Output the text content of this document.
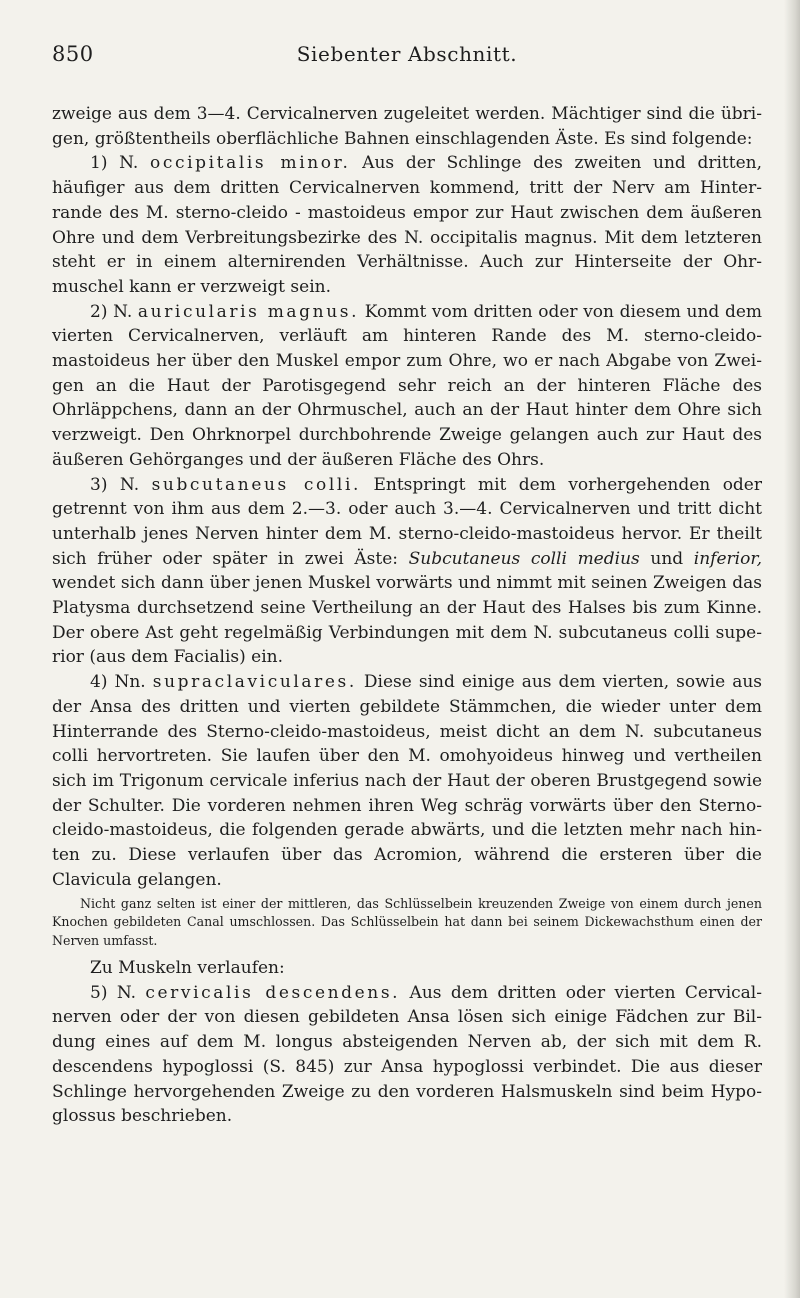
850	Siebenter Abschnitt.

zweige aus dem 3—4. Cervicalnerven zugeleitet werden. Mächtiger sind die übrigen, größtentheils oberflächliche Bahnen einschlagenden Äste. Es sind folgende:

1) N. occipitalis minor. Aus der Schlinge des zweiten und dritten, häufiger aus dem dritten Cervicalnerven kommend, tritt der Nerv am Hinterrande des M. sterno-cleido - mastoideus empor zur Haut zwischen dem äußeren Ohre und dem Verbreitungsbezirke des N. occipitalis magnus. Mit dem letzteren steht er in einem alternirenden Verhältnisse. Auch zur Hinterseite der Ohrmuschel kann er verzweigt sein.

2) N. auricularis magnus. Kommt vom dritten oder von diesem und dem vierten Cervicalnerven, verläuft am hinteren Rande des M. sterno-cleido-mastoideus her über den Muskel empor zum Ohre, wo er nach Abgabe von Zweigen an die Haut der Parotisgegend sehr reich an der hinteren Fläche des Ohrläppchens, dann an der Ohrmuschel, auch an der Haut hinter dem Ohre sich verzweigt. Den Ohrknorpel durchbohrende Zweige gelangen auch zur Haut des äußeren Gehörganges und der äußeren Fläche des Ohrs.

3) N. subcutaneus colli. Entspringt mit dem vorhergehenden oder getrennt von ihm aus dem 2.—3. oder auch 3.—4. Cervicalnerven und tritt dicht unterhalb jenes Nerven hinter dem M. sterno-cleido-mastoideus hervor. Er theilt sich früher oder später in zwei Äste: Subcutaneus colli medius und inferior, wendet sich dann über jenen Muskel vorwärts und nimmt mit seinen Zweigen das Platysma durchsetzend seine Vertheilung an der Haut des Halses bis zum Kinne. Der obere Ast geht regelmäßig Verbindungen mit dem N. subcutaneus colli superior (aus dem Facialis) ein.

4) Nn. supraclaviculares. Diese sind einige aus dem vierten, sowie aus der Ansa des dritten und vierten gebildete Stämmchen, die wieder unter dem Hinterrande des Sterno-cleido-mastoideus, meist dicht an dem N. subcutaneus colli hervortreten. Sie laufen über den M. omohyoideus hinweg und vertheilen sich im Trigonum cervicale inferius nach der Haut der oberen Brustgegend sowie der Schulter. Die vorderen nehmen ihren Weg schräg vorwärts über den Sterno-cleido-mastoideus, die folgenden gerade abwärts, und die letzten mehr nach hinten zu. Diese verlaufen über das Acromion, während die ersteren über die Clavicula gelangen.

Nicht ganz selten ist einer der mittleren, das Schlüsselbein kreuzenden Zweige von einem durch jenen Knochen gebildeten Canal umschlossen. Das Schlüsselbein hat dann bei seinem Dickewachsthum einen der Nerven umfasst.

Zu Muskeln verlaufen:

5) N. cervicalis descendens. Aus dem dritten oder vierten Cervicalnerven oder der von diesen gebildeten Ansa lösen sich einige Fädchen zur Bildung eines auf dem M. longus absteigenden Nerven ab, der sich mit dem R. descendens hypoglossi (S. 845) zur Ansa hypoglossi verbindet. Die aus dieser Schlinge hervorgehenden Zweige zu den vorderen Halsmuskeln sind beim Hypoglossus beschrieben.
